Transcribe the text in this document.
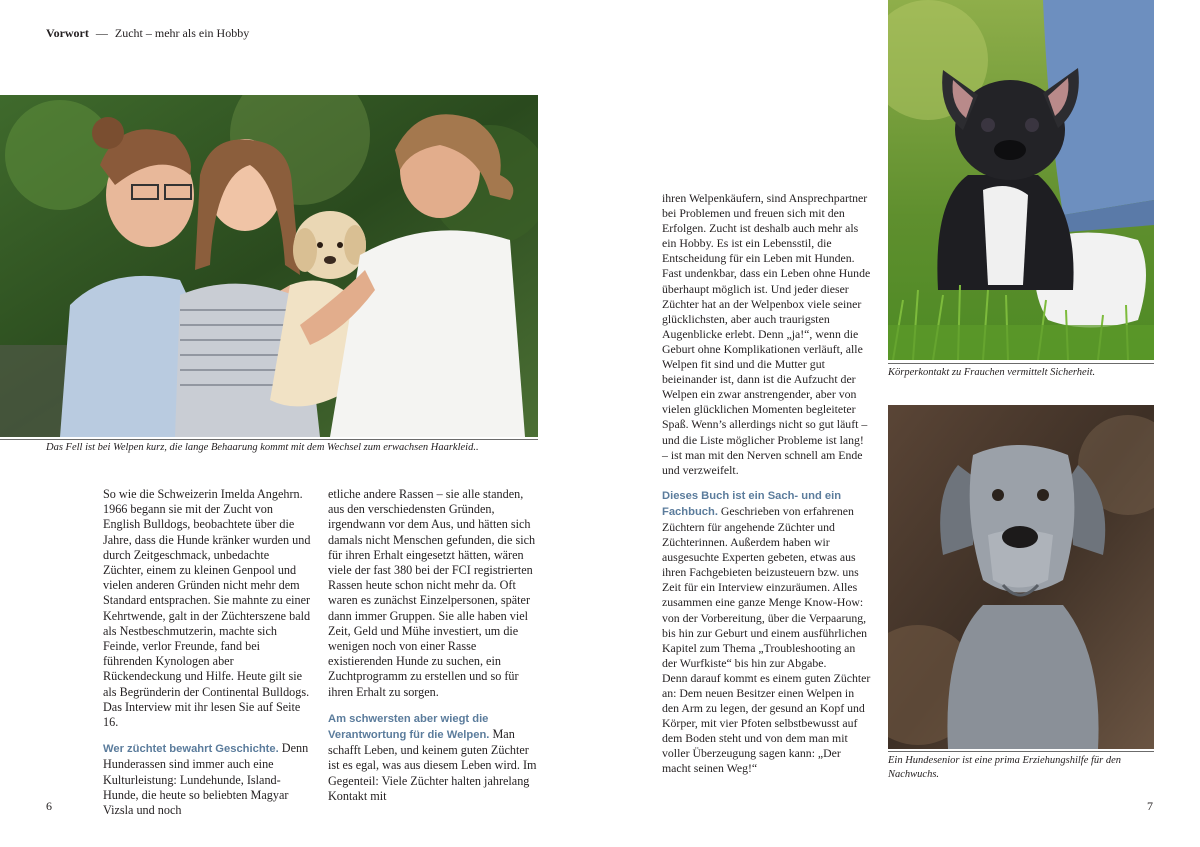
Vorwort — Zucht – mehr als ein Hobby
Das Fell ist bei Welpen kurz, die lange Behaarung kommt mit dem Wechsel zum erwachsen Haarkleid..

So wie die Schweizerin Imelda Angehrn. 1966 begann sie mit der Zucht von English Bulldogs, beobachtete über die Jahre, dass die Hunde kränker wurden und durch Zeitgeschmack, unbedachte Züchter, einem zu kleinen Genpool und vielen anderen Gründen nicht mehr dem Standard entsprachen. Sie mahnte zu einer Kehrtwende, galt in der Züchterszene bald als Nestbeschmutzerin, machte sich Feinde, verlor Freunde, fand bei führenden Kynologen aber Rückendeckung und Hilfe. Heute gilt sie als Begründerin der Continental Bulldogs. Das Interview mit ihr lesen Sie auf Seite 16.

Wer züchtet bewahrt Geschichte. Denn Hunderassen sind immer auch eine Kulturleistung: Lundehunde, Island-Hunde, die heute so beliebten Magyar Vizsla und noch

etliche andere Rassen – sie alle standen, aus den verschiedensten Gründen, irgendwann vor dem Aus, und hätten sich damals nicht Menschen gefunden, die sich für ihren Erhalt eingesetzt hätten, wären viele der fast 380 bei der FCI registrierten Rassen heute schon nicht mehr da. Oft waren es zunächst Einzelpersonen, später dann immer Gruppen. Sie alle haben viel Zeit, Geld und Mühe investiert, um die wenigen noch von einer Rasse existierenden Hunde zu suchen, ein Zuchtprogramm zu erstellen und so für ihren Erhalt zu sorgen.

Am schwersten aber wiegt die Verantwortung für die Welpen. Man schafft Leben, und keinem guten Züchter ist es egal, was aus diesem Leben wird. Im Gegenteil: Viele Züchter halten jahrelang Kontakt mit

ihren Welpenkäufern, sind Ansprechpartner bei Problemen und freuen sich mit den Erfolgen. Zucht ist deshalb auch mehr als ein Hobby. Es ist ein Lebensstil, die Entscheidung für ein Leben mit Hunden. Fast undenkbar, dass ein Leben ohne Hunde überhaupt möglich ist. Und jeder dieser Züchter hat an der Welpenbox viele seiner glücklichsten, aber auch traurigsten Augenblicke erlebt. Denn „ja!“, wenn die Geburt ohne Komplikationen verläuft, alle Welpen fit sind und die Mutter gut beieinander ist, dann ist die Aufzucht der Welpen ein zwar anstrengender, aber von vielen glücklichen Momenten begleiteter Spaß. Wenn’s allerdings nicht so gut läuft – und die Liste möglicher Probleme ist lang! – ist man mit den Nerven schnell am Ende und verzweifelt.

Dieses Buch ist ein Sach- und ein Fachbuch. Geschrieben von erfahrenen Züchtern für angehende Züchter und Züchterinnen. Außerdem haben wir ausgesuchte Experten gebeten, etwas aus ihren Fachgebieten beizusteuern bzw. uns Zeit für ein Interview einzuräumen. Alles zusammen eine ganze Menge Know-How: von der Vorbereitung, über die Verpaarung, bis hin zur Geburt und einem ausführlichen Kapitel zum Thema „Troubleshooting an der Wurfkiste“ bis hin zur Abgabe.

Denn darauf kommt es einem guten Züchter an: Dem neuen Besitzer einen Welpen in den Arm zu legen, der gesund an Kopf und Körper, mit vier Pfoten selbstbewusst auf dem Boden steht und von dem man mit voller Überzeugung sagen kann: „Der macht seinen Weg!“

Körperkontakt zu Frauchen vermittelt Sicherheit.
Ein Hundesenior ist eine prima Erziehungshilfe für den Nachwuchs.
6	7
